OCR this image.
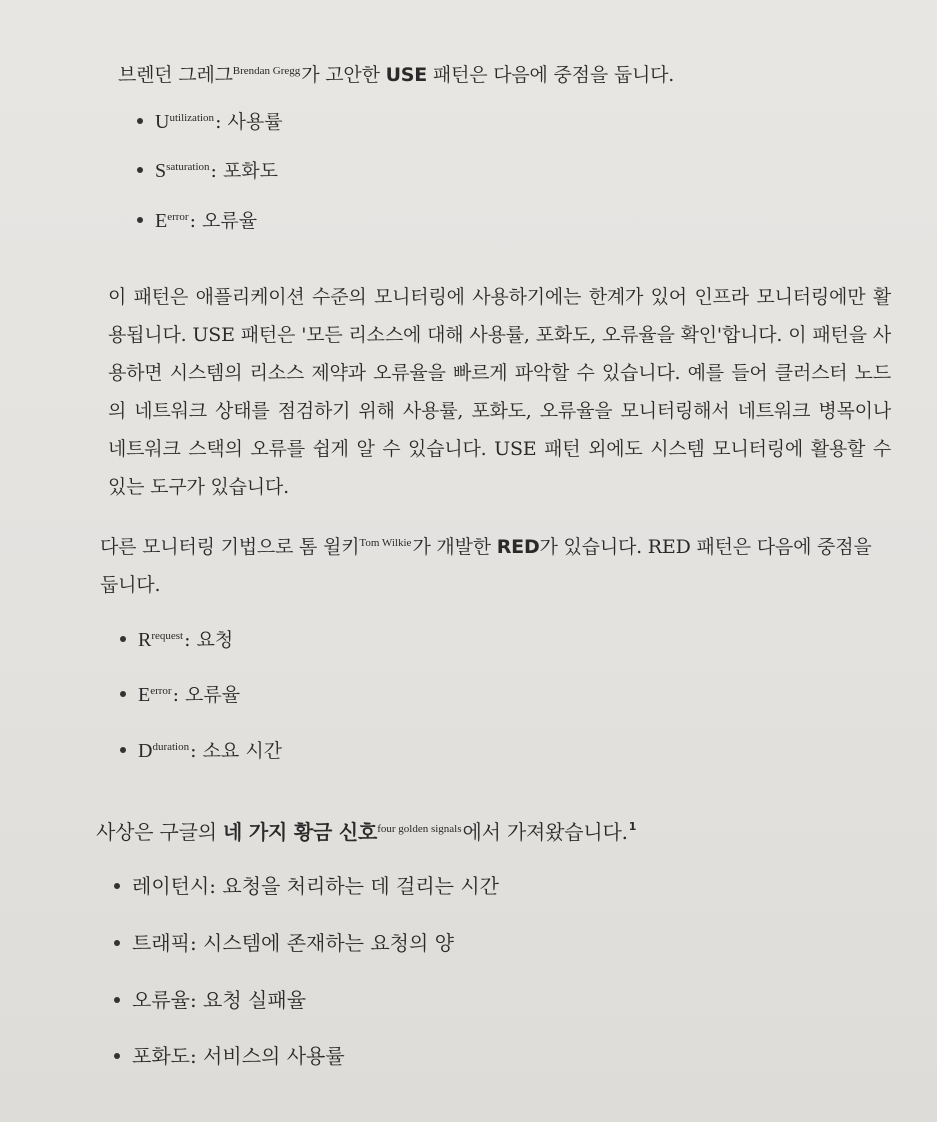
브렌던 그레그$^{Brendan Gregg}$가 고안한 USE 패턴은 다음에 중점을 둡니다.

$U^{utilization}$: 사용률
$S^{saturation}$: 포화도
$E^{error}$: 오류율

이 패턴은 애플리케이션 수준의 모니터링에 사용하기에는 한계가 있어 인프라 모니터링에만 활용됩니다. USE 패턴은 '모든 리소스에 대해 사용률, 포화도, 오류율을 확인'합니다. 이 패턴을 사용하면 시스템의 리소스 제약과 오류율을 빠르게 파악할 수 있습니다. 예를 들어 클러스터 노드의 네트워크 상태를 점검하기 위해 사용률, 포화도, 오류율을 모니터링해서 네트워크 병목이나 네트워크 스택의 오류를 쉽게 알 수 있습니다. USE 패턴 외에도 시스템 모니터링에 활용할 수 있는 도구가 있습니다.

다른 모니터링 기법으로 톰 윌키$^{Tom Wilkie}$가 개발한 RED가 있습니다. RED 패턴은 다음에 중점을 둡니다.

$R^{request}$: 요청
$E^{error}$: 오류율
$D^{duration}$: 소요 시간

사상은 구글의 네 가지 황금 신호$^{four golden signals}$에서 가져왔습니다.$^1$

레이턴시: 요청을 처리하는 데 걸리는 시간
트래픽: 시스템에 존재하는 요청의 양
오류율: 요청 실패율
포화도: 서비스의 사용률
